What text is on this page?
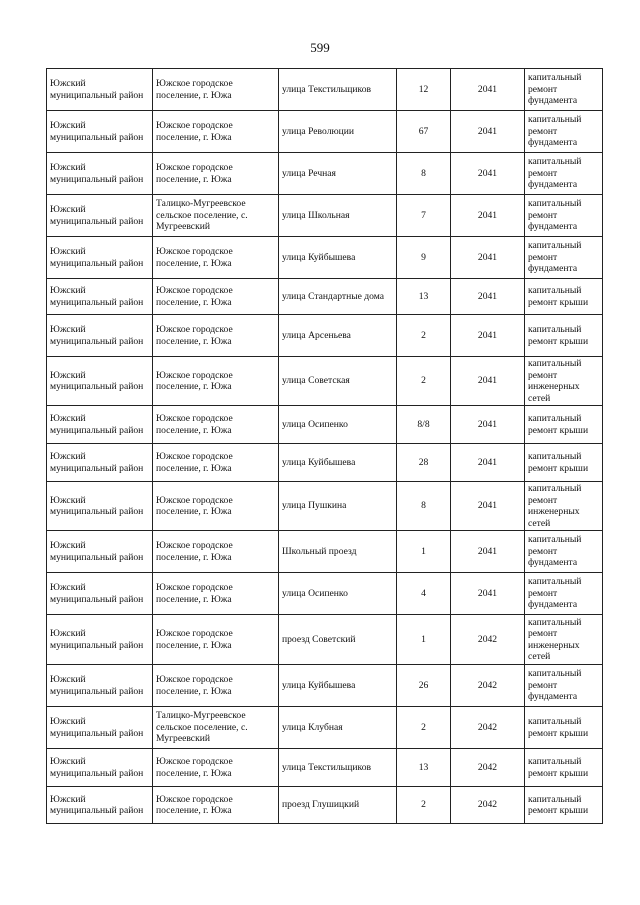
599
Южский муниципальный район	Южское городское поселение, г. Южа	улица Текстильщиков	12	2041	капитальный ремонт фундамента
Южский муниципальный район	Южское городское поселение, г. Южа	улица Революции	67	2041	капитальный ремонт фундамента
Южский муниципальный район	Южское городское поселение, г. Южа	улица Речная	8	2041	капитальный ремонт фундамента
Южский муниципальный район	Талицко-Мугреевское сельское поселение, с. Мугреевский	улица Школьная	7	2041	капитальный ремонт фундамента
Южский муниципальный район	Южское городское поселение, г. Южа	улица Куйбышева	9	2041	капитальный ремонт фундамента
Южский муниципальный район	Южское городское поселение, г. Южа	улица Стандартные дома	13	2041	капитальный ремонт крыши
Южский муниципальный район	Южское городское поселение, г. Южа	улица Арсеньева	2	2041	капитальный ремонт крыши
Южский муниципальный район	Южское городское поселение, г. Южа	улица Советская	2	2041	капитальный ремонт инженерных сетей
Южский муниципальный район	Южское городское поселение, г. Южа	улица Осипенко	8/8	2041	капитальный ремонт крыши
Южский муниципальный район	Южское городское поселение, г. Южа	улица Куйбышева	28	2041	капитальный ремонт крыши
Южский муниципальный район	Южское городское поселение, г. Южа	улица Пушкина	8	2041	капитальный ремонт инженерных сетей
Южский муниципальный район	Южское городское поселение, г. Южа	Школьный проезд	1	2041	капитальный ремонт фундамента
Южский муниципальный район	Южское городское поселение, г. Южа	улица Осипенко	4	2041	капитальный ремонт фундамента
Южский муниципальный район	Южское городское поселение, г. Южа	проезд Советский	1	2042	капитальный ремонт инженерных сетей
Южский муниципальный район	Южское городское поселение, г. Южа	улица Куйбышева	26	2042	капитальный ремонт фундамента
Южский муниципальный район	Талицко-Мугреевское сельское поселение, с. Мугреевский	улица Клубная	2	2042	капитальный ремонт крыши
Южский муниципальный район	Южское городское поселение, г. Южа	улица Текстильщиков	13	2042	капитальный ремонт крыши
Южский муниципальный район	Южское городское поселение, г. Южа	проезд Глушицкий	2	2042	капитальный ремонт крыши
